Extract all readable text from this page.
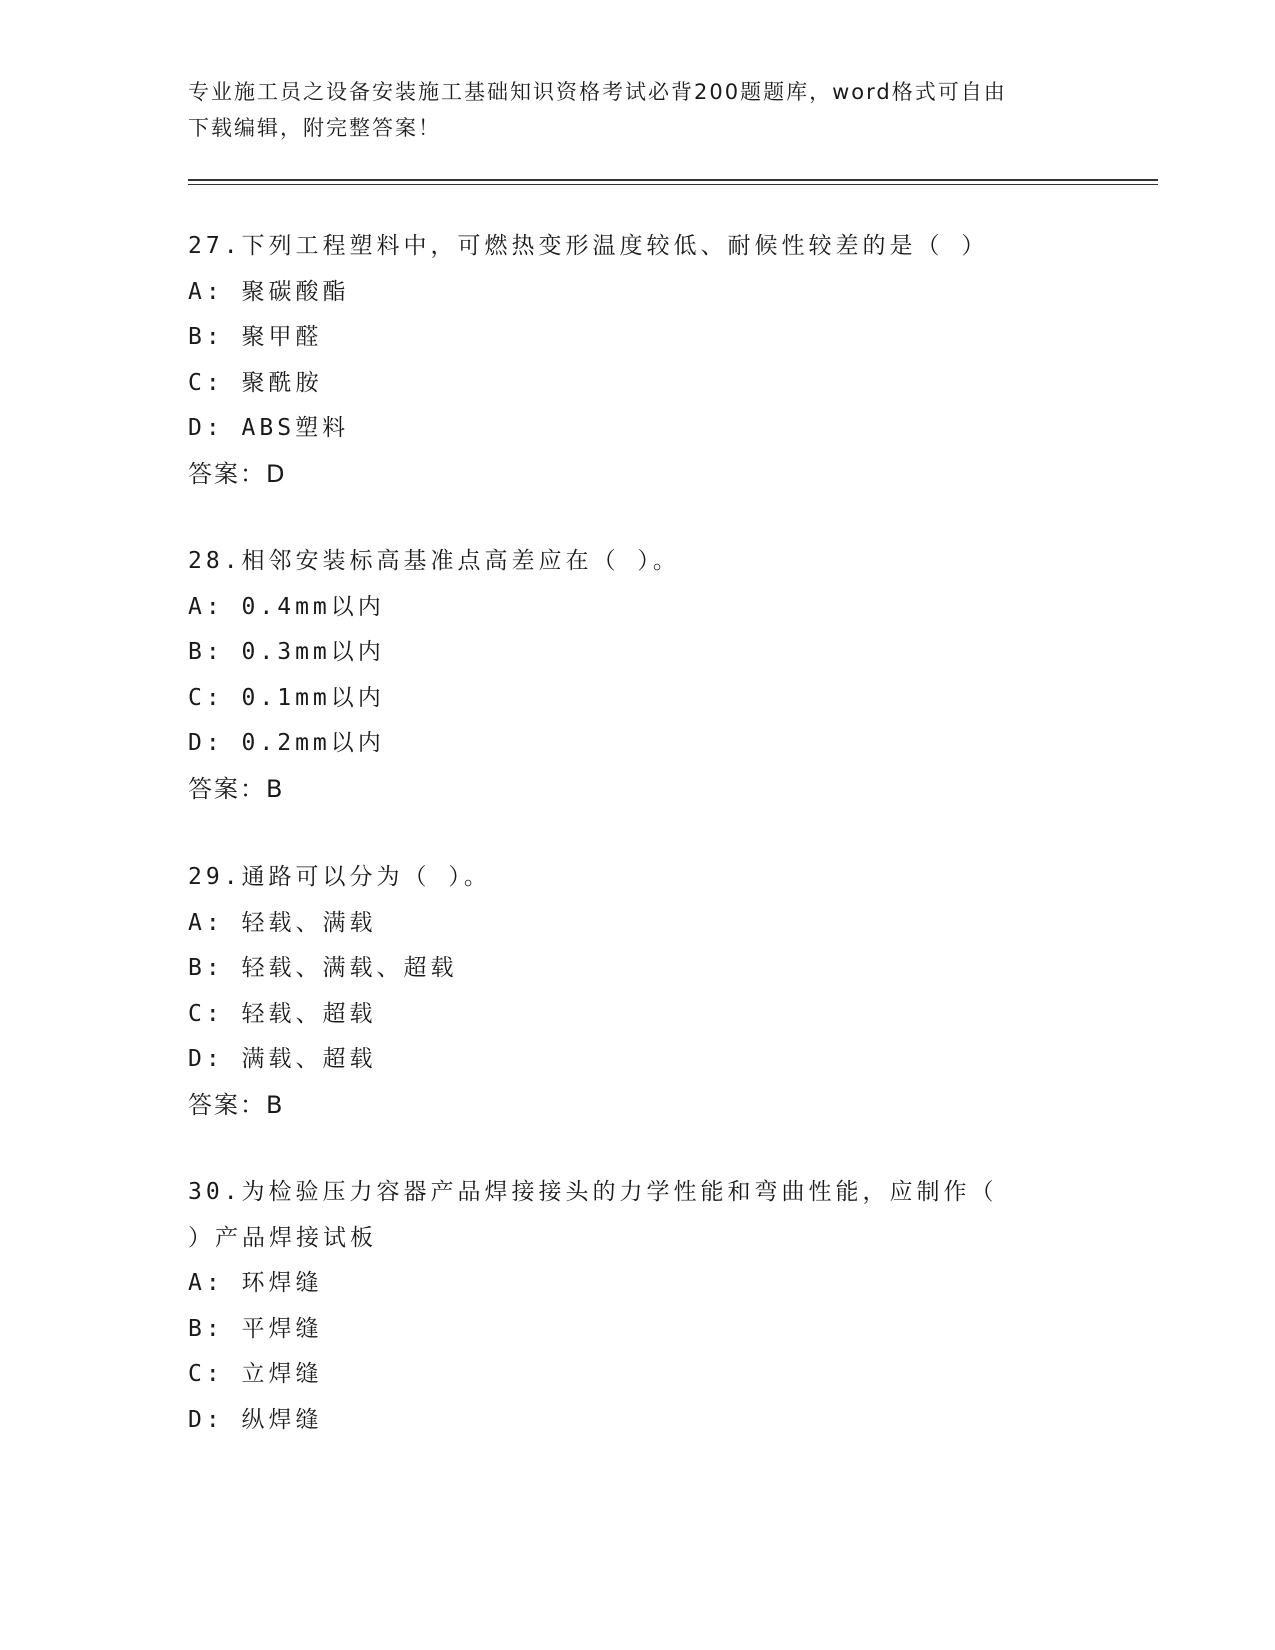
专业施工员之设备安装施工基础知识资格考试必背200题题库，word格式可自由
下载编辑，附完整答案！
27.下列工程塑料中，可燃热变形温度较低、耐候性较差的是（ ）
A: 聚碳酸酯
B: 聚甲醛
C: 聚酰胺
D: ABS塑料
答案：D
28.相邻安装标高基准点高差应在（ ）。
A: 0.4mm以内
B: 0.3mm以内
C: 0.1mm以内
D: 0.2mm以内
答案：B
29.通路可以分为（ ）。
A: 轻载、满载
B: 轻载、满载、超载
C: 轻载、超载
D: 满载、超载
答案：B
30.为检验压力容器产品焊接接头的力学性能和弯曲性能，应制作（
）产品焊接试板
A: 环焊缝
B: 平焊缝
C: 立焊缝
D: 纵焊缝
